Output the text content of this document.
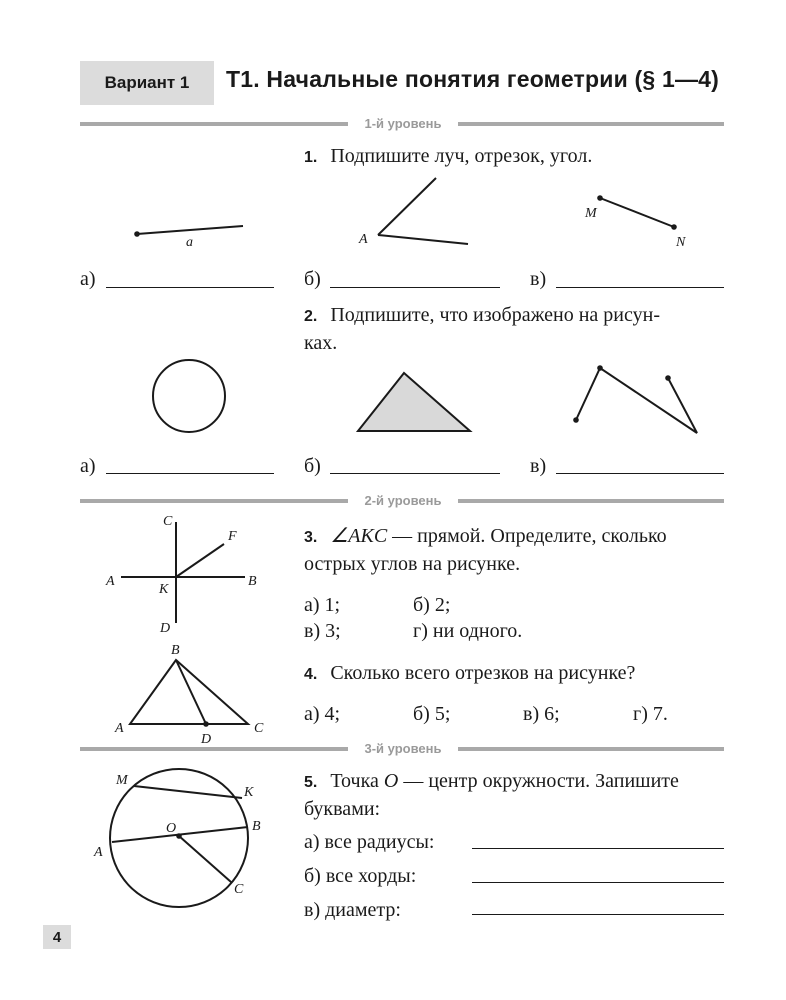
Вариант 1	Т1. Начальные понятия геометрии (§ 1—4)
1-й уровень
1. Подпишите луч, отрезок, угол.
a	A
M
N
а)	б)	в)
2. Подпишите, что изображено на рисун-
ках.
а)	б)	в)
2-й уровень
3. ∠AKC — прямой. Определите, сколько
острых углов на рисунке.
а) 1;	б) 2;
в) 3;	г) ни одного.
C
F
A	B
K
D
4. Сколько всего отрезков на рисунке?
а) 4;	б) 5;	в) 6;	г) 7.
B
A	C
D
3-й уровень
5. Точка O — центр окружности. Запишите
буквами:
а) все радиусы:
б) все хорды:
в) диаметр:
M
K
O	B
A
C
4
